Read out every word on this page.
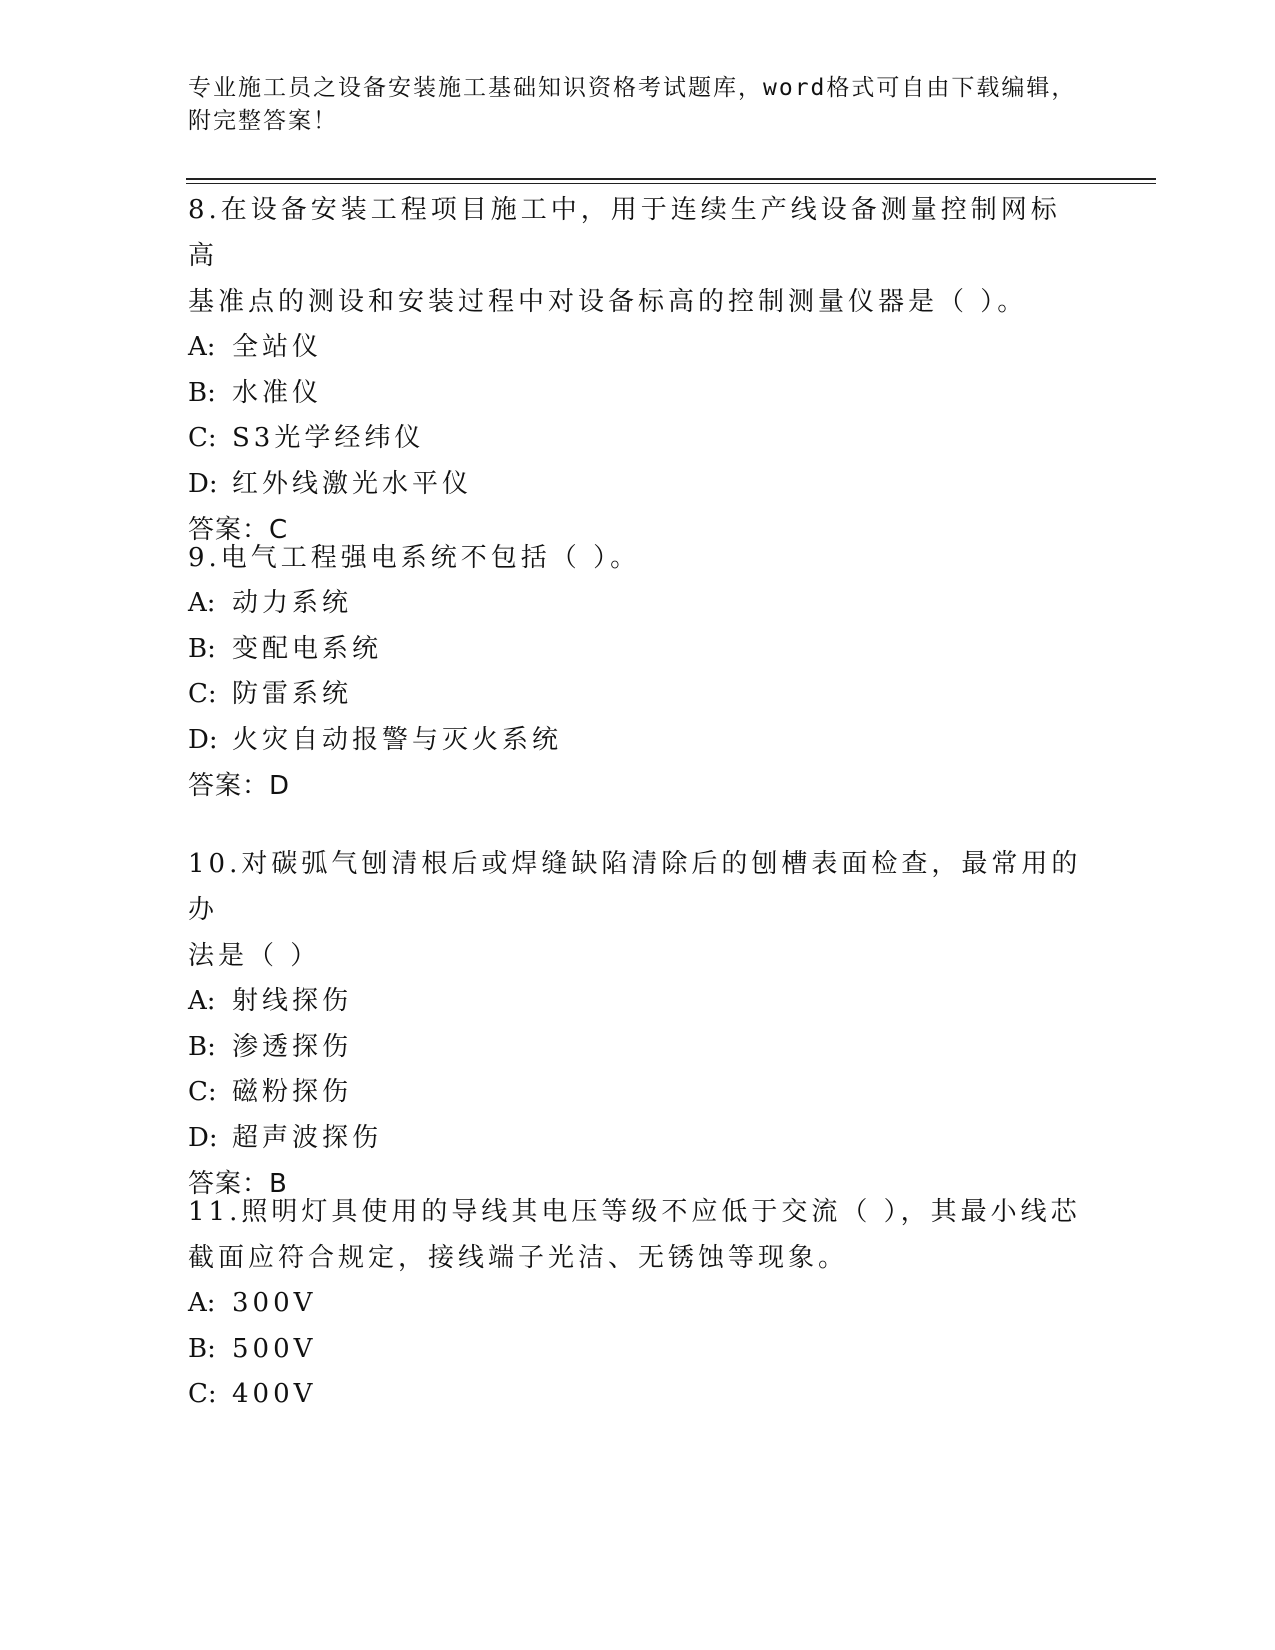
专业施工员之设备安装施工基础知识资格考试题库，word格式可自由下载编辑，
附完整答案！
8.在设备安装工程项目施工中，用于连续生产线设备测量控制网标高
基准点的测设和安装过程中对设备标高的控制测量仪器是（ ）。
A: 全站仪
B: 水准仪
C: S3光学经纬仪
D: 红外线激光水平仪
答案：C
9.电气工程强电系统不包括（ ）。
A: 动力系统
B: 变配电系统
C: 防雷系统
D: 火灾自动报警与灭火系统
答案：D
10.对碳弧气刨清根后或焊缝缺陷清除后的刨槽表面检查，最常用的办
法是（ ）
A: 射线探伤
B: 渗透探伤
C: 磁粉探伤
D: 超声波探伤
答案：B
11.照明灯具使用的导线其电压等级不应低于交流（ ），其最小线芯
截面应符合规定，接线端子光洁、无锈蚀等现象。
A: 300V
B: 500V
C: 400V
